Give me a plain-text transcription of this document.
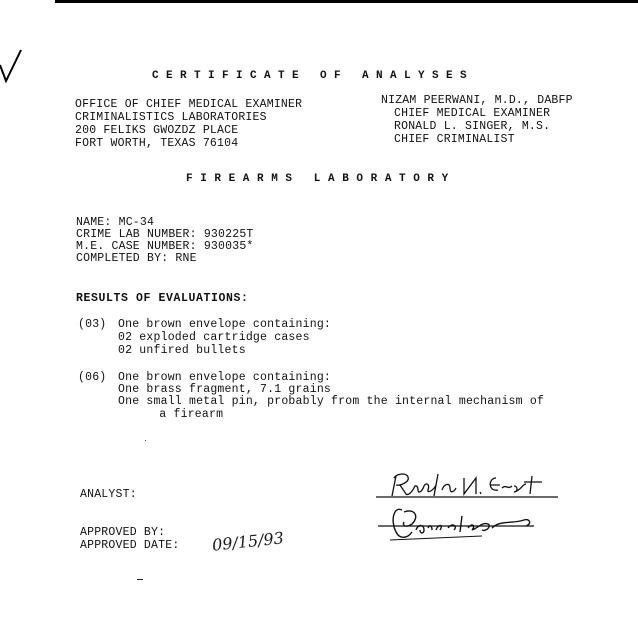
CERTIFICATE OF ANALYSES
OFFICE OF CHIEF MEDICAL EXAMINER
CRIMINALISTICS LABORATORIES
200 FELIKS GWOZDZ PLACE
FORT WORTH, TEXAS 76104
NIZAM PEERWANI, M.D., DABFP
CHIEF MEDICAL EXAMINER
RONALD L. SINGER, M.S.
CHIEF CRIMINALIST
FIREARMS LABORATORY
NAME: MC-34
CRIME LAB NUMBER: 930225T
M.E. CASE NUMBER: 930035*
COMPLETED BY: RNE
RESULTS OF EVALUATIONS:
(03) One brown envelope containing:
02 exploded cartridge cases
02 unfired bullets
(06) One brown envelope containing:
One brass fragment, 7.1 grains
One small metal pin, probably from the internal mechanism of
a firearm
ANALYST:
APPROVED BY:
APPROVED DATE: 09/15/93
